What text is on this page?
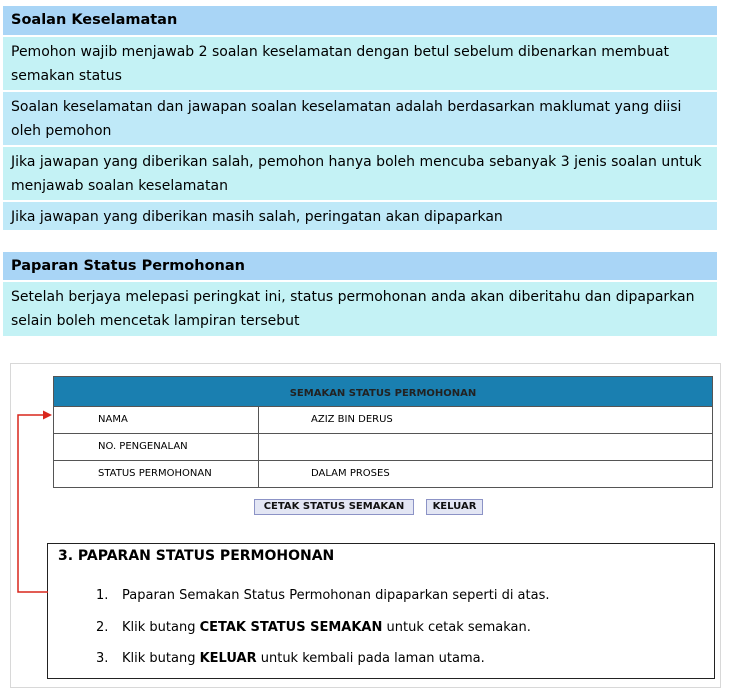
Soalan Keselamatan
Pemohon wajib menjawab 2 soalan keselamatan dengan betul sebelum dibenarkan membuat semakan status
Soalan keselamatan dan jawapan soalan keselamatan adalah berdasarkan maklumat yang diisi oleh pemohon
Jika jawapan yang diberikan salah, pemohon hanya boleh mencuba sebanyak 3 jenis soalan untuk menjawab soalan keselamatan
Jika jawapan yang diberikan masih salah, peringatan akan dipaparkan
Paparan Status Permohonan
Setelah berjaya melepasi peringkat ini, status permohonan anda akan diberitahu dan dipaparkan selain boleh mencetak lampiran tersebut
SEMAKAN STATUS PERMOHONAN
NAMA	AZIZ BIN DERUS
NO. PENGENALAN
STATUS PERMOHONAN	DALAM PROSES
CETAK STATUS SEMAKAN	KELUAR
3. PAPARAN STATUS PERMOHONAN
1. Paparan Semakan Status Permohonan dipaparkan seperti di atas.
2. Klik butang CETAK STATUS SEMAKAN untuk cetak semakan.
3. Klik butang KELUAR untuk kembali pada laman utama.
